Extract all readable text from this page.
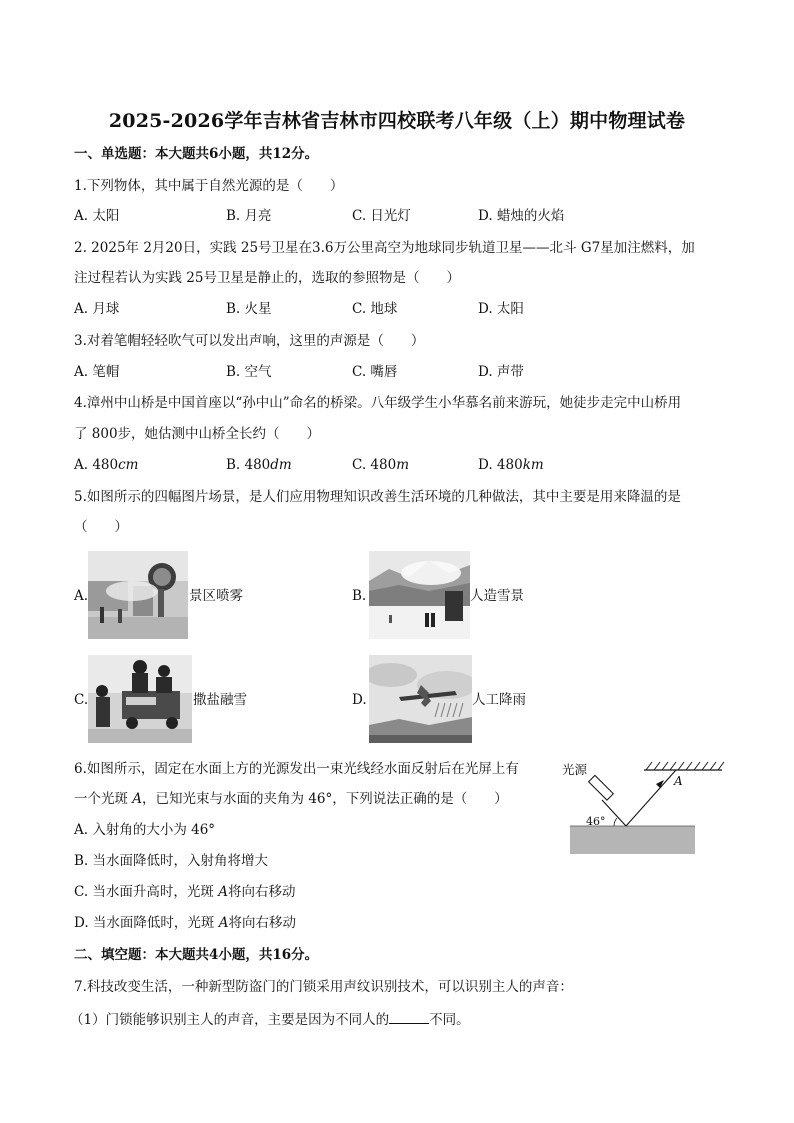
2025-2026学年吉林省吉林市四校联考八年级（上）期中物理试卷
一、单选题：本大题共6小题，共12分。
1.下列物体，其中属于自然光源的是（　　）
A. 太阳	B. 月亮	C. 日光灯	D. 蜡烛的火焰
2. 2025年 2月20日，实践 25号卫星在3.6万公里高空为地球同步轨道卫星——北斗 G7星加注燃料，加
注过程若认为实践 25号卫星是静止的，选取的参照物是（　　）
A. 月球	B. 火星	C. 地球	D. 太阳
3.对着笔帽轻轻吹气可以发出声响，这里的声源是（　　）
A. 笔帽	B. 空气	C. 嘴唇	D. 声带
4.漳州中山桥是中国首座以“孙中山”命名的桥梁。八年级学生小华慕名前来游玩，她徒步走完中山桥用
了 800步，她估测中山桥全长约（　　）
A. 480cm	B. 480dm	C. 480m	D. 480km
5.如图所示的四幅图片场景，是人们应用物理知识改善生活环境的几种做法，其中主要是用来降温的是
（　　）
A.	景区喷雾	B.	人造雪景
C.	撒盐融雪	D.	人工降雨
6.如图所示，固定在水面上方的光源发出一束光线经水面反射后在光屏上有
一个光斑 A，已知光束与水面的夹角为 46°，下列说法正确的是（　　）
A. 入射角的大小为 46°
B. 当水面降低时，入射角将增大
C. 当水面升高时，光斑 A将向右移动
D. 当水面降低时，光斑 A将向右移动
光源
A
46°
二、填空题：本大题共4小题，共16分。
7.科技改变生活，一种新型防盗门的门锁采用声纹识别技术，可以识别主人的声音：
（1）门锁能够识别主人的声音，主要是因为不同人的	不同。
